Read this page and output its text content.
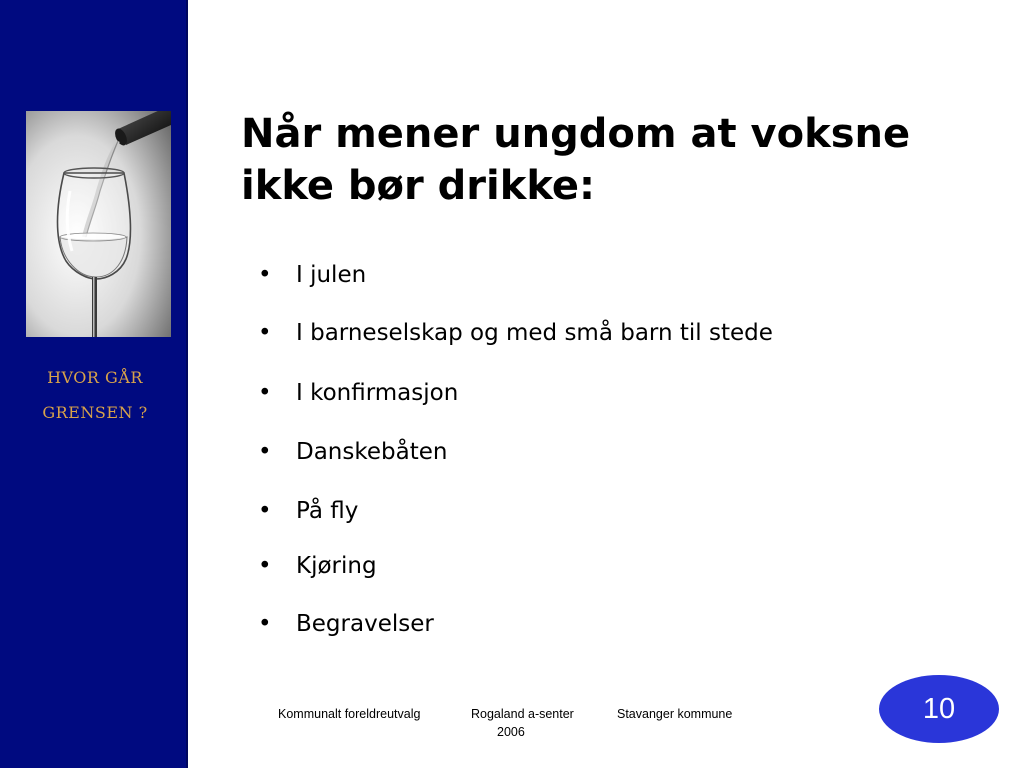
HVOR GÅR
GRENSEN ?
Når mener ungdom at voksne
ikke bør drikke:
• I julen
• I barneselskap og med små barn til stede
• I konfirmasjon
• Danskebåten
• På fly
• Kjøring
• Begravelser
Kommunalt foreldreutvalg	Rogaland a-senter	Stavanger kommune
2006
10
